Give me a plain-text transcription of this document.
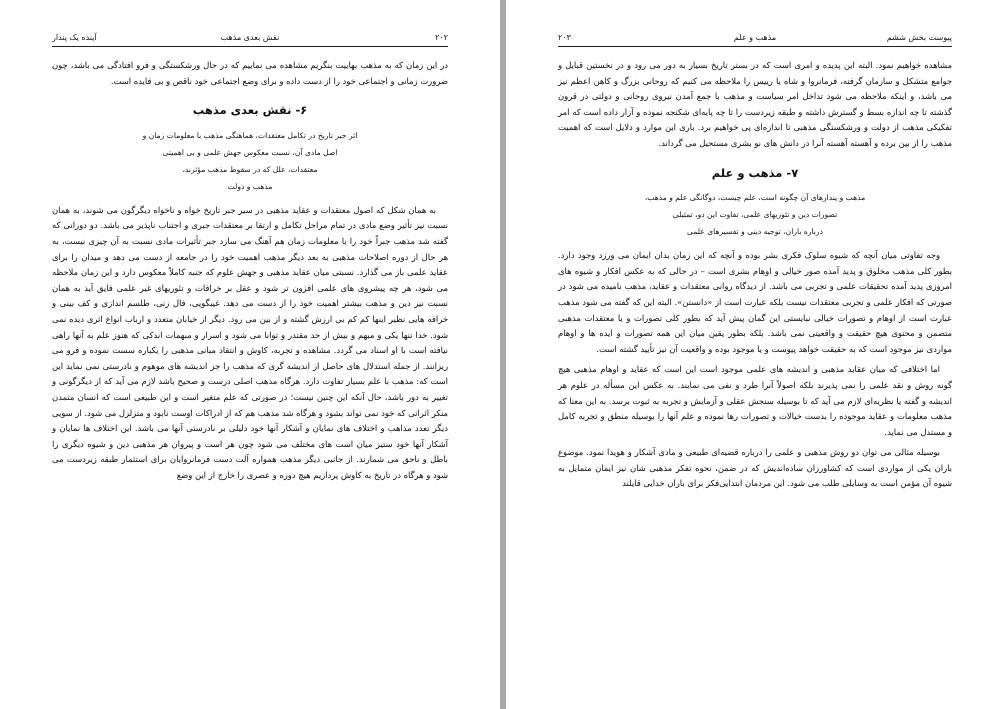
۲۰۲
نقش بعدی مذهب
آینده یک پندار

در این زمان که به مذهب بهاییت بنگریم مشاهده می نماییم که در حال ورشکستگی و فرو افتادگی می باشد، چون ضرورت زمانی و اجتماعی خود را از دست داده و برای وضع اجتماعی خود ناقص و بی فایده است.

۶- نقش بعدی مذهب
اثر جبر تاریخ در تکامل معتقدات، هماهنگی مذهب با معلومات زمان و
اصل مادی آن، نسبت معکوس جهش علمی و بی اهمیتی
معتقدات، علل که در سقوط مذهب مؤثرند،
مذهب و دولت

به همان شکل که اصول معتقدات و عقاید مذهبی در سیر جبر تاریخ خواه و ناخواه دیگرگون می شوند، به همان نسبت نیز تأثیر وضع مادی در تمام مراحل تکامل و ارتقا بر معتقدات جبری و اجتناب ناپذیر می باشد. دو دورانی که گفته شد مذهب جبراً خود را با معلومات زمان هم آهنگ می سازد جبر تأثیرات مادی نسبت به آن چیزی نیست، به هر حال از دوره اصلاحات مذهبی به بعد دیگر مذهب اهمیت خود را در جامعه از دست می دهد و میدان را برای عقاید علمی باز می گذارد. نسبتی میان عقاید مذهبی و جهش علوم که جنبه کاملاً معکوس دارد و این زمان ملاحظه می شود، هر چه پیشروی های علمی افزون تر شود و عقل بر خرافات و تئوریهای غیر علمی فایق آید به همان نسبت نیز دین و مذهب بیشتر اهمیت خود را از دست می دهد. غیبگویی، فال زنی، طلسم اندازی و کف بینی و خرافه هایی نظیر اینها کم کم بی ارزش گشته و از بین می رود. دیگر از خیابان متعدد و ارباب انواع اثری دیده نمی شود. خدا تنها یکی و مبهم و بیش از حد مقتدر و توانا می شود و اسرار و مبهمات اندکی که هنوز علم به آنها راهی نیافته است با او اسناد می گردد. مشاهده و تجربه، کاوش و انتقاد مبانی مذهبی را یکباره سست نموده و فرو می ریزانند. از جمله استدلال های حاصل از اندیشه گری که مذهب را جز اندیشه های موهوم و نادرستی نمی نماید این است که: مذهب با علم بسیار تفاوت دارد. هرگاه مذهب اصلی درست و صحیح باشد لازم می آید که از دیگرگونی و تغییر به دور باشد، حال آنکه این چنین نیست؛ در صورتی که علم متغیر است و این طبیعی است که انسان متمدن منکر اثراتی که خود نمی تواند بشود و هرگاه شد مذهب هم که از ادراکات اوست نابود و متزلزل می شود. از سویی دیگر تعدد مذاهب و اختلاف های نمایان و آشکار آنها خود دلیلی بر نادرستی آنها می باشد. این اختلاف ها نمایان و آشکار آنها خود ستیز میان است های مختلف می شود چون هر است و پیروان هر مذهبی دین و شیوه دیگری را باطل و ناحق می شمارند. از جانبی دیگر مذهب همواره آلت دست فرمانروایان برای استثمار طبقه زیردست می شود و هرگاه در تاریخ به کاوش پردازیم هیچ دوره و عصری را خارج از این وضع

پیوست بخش ششم
مذهب و علم
۲۰۳

مشاهده خواهیم نمود. البته این پدیده و امری است که در بستر تاریخ بسیار به دور می رود و در نخستین قبایل و جوامع متشکل و سازمان گرفته، فرمانروا و شاه یا رییس را ملاحظه می کنیم که روحانی بزرگ و کاهن اعظم نیز می باشد، و اینکه ملاحظه می شود تداخل امر سیاست و مذهب با جمع آمدن نیروی روحانی و دولتی در قرون گذشته تا چه اندازه بسط و گسترش داشته و طبقه زیردست را تا چه پایه‌ای شکنجه نموده و آزار داده است که امر تفکیکی مذهب از دولت و ورشکستگی مذهبی تا اندازه‌ای پی خواهیم برد. باری این موارد و دلایل است که اهمیت مذهب را از بین برده و آهسته آهسته آنرا در دانش های نو بشری مستحیل می گرداند.

۷- مذهب و علم
مذهب و پندارهای آن چگونه است، علم چیست، دوگانگی علم و مذهب،
تصورات دین و تئوریهای علمی، تفاوت این دو، تمثیلی
درباره باران، توجیه دینی و تفسیرهای علمی

وجه تفاوتی میان آنچه که شیوه سلوک فکری بشر بوده و آنچه که این زمان بدان ایمان می ورزد وجود دارد. بطور کلی مذهب مخلوق و پدید آمده صور خیالی و اوهام بشری است – در حالی که به عکس افکار و شیوه های امروزی پدید آمده تحقیقات علمی و تجربی می باشد. از دیدگاه روانی معتقدات و عقاید، مذهب نامیده می شود در صورتی که افکار علمی و تجربی معتقدات نیست بلکه عبارت است از «دانستن». البته این که گفته می شود مذهب عبارت است از اوهام و تصورات خیالی نبایستی این گمان پیش آید که بطور کلی تصورات و یا معتقدات مذهبی متضمن و محتوی هیچ حقیقت و واقعیتی نمی باشد. بلکه بطور یقین میان این همه تصورات و ایده ها و اوهام مواردی نیز موجود است که به حقیقت خواهد پیوست و یا موجود بوده و واقعیت آن نیز تأیید گشته است.

اما اختلافی که میان عقاید مذهبی و اندیشه های علمی موجود است این است که عقاید و اوهام مذهبی هیچ گونه روش و نقد علمی را نمی پذیرند بلکه اصولاً آنرا طرد و نفی می نمایند. به عکس این مسأله در علوم هر اندیشه و گفته یا نظریه‌ای لازم می آید که تا بوسیله سنجش عقلی و آزمایش و تجربه به ثبوت برسد. به این معنا که مذهب معلومات و عقاید موجوده را بدست خیالات و تصورات رها نموده و علم آنها را بوسیله منطق و تجربه کامل و مستدل می نماید.

بوسیله مثالی می توان دو روش مذهبی و علمی را درباره قضیه‌ای طبیعی و مادی آشکار و هویدا نمود. موضوع باران یکی از مواردی است که کشاورزان ساده‌اندیش که در ضمن، نحوه تفکر مذهبی شان نیز ایمان متمایل به شیوه آن مؤمن است به وسایلی طلب می شود. این مردمان ابتدایی‌فکر برای باران خدایی قایلند
